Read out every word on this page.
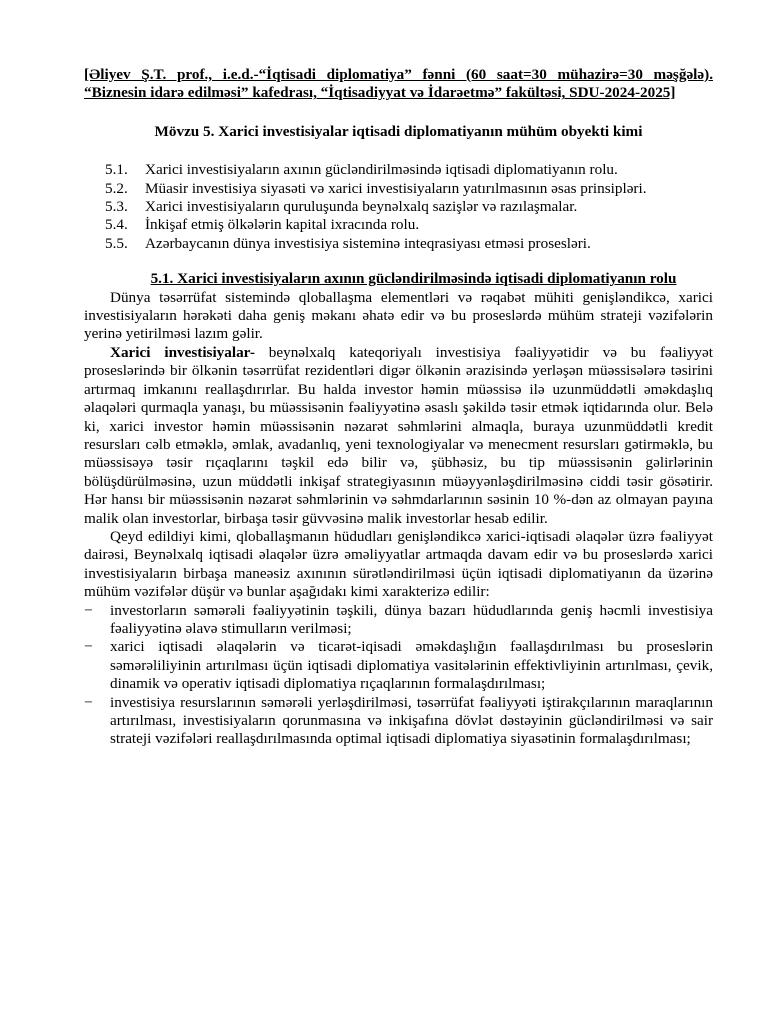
[Əliyev Ş.T. prof., i.e.d.-“İqtisadi diplomatiya” fənni (60 saat=30 mühazirə=30 məşğələ). “Biznesin idarə edilməsi” kafedrası, “İqtisadiyyat və İdarəetmə” fakültəsi, SDU-2024-2025]

Mövzu 5. Xarici investisiyalar iqtisadi diplomatiyanın mühüm obyekti kimi

5.1.	Xarici investisiyaların axının gücləndirilməsində iqtisadi diplomatiyanın rolu.
5.2.	Müasir investisiya siyasəti və xarici investisiyaların yatırılmasının əsas prinsipləri.
5.3.	Xarici investisiyaların quruluşunda beynəlxalq sazişlər və razılaşmalar.
5.4.	İnkişaf etmiş ölkələrin kapital ixracında rolu.
5.5.	Azərbaycanın dünya investisiya sisteminə inteqrasiyası etməsi prosesləri.

5.1. Xarici investisiyaların axının gücləndirilməsində iqtisadi diplomatiyanın rolu

Dünya təsərrüfat sistemində qloballaşma elementləri və rəqabət mühiti genişləndikcə, xarici investisiyaların hərəkəti daha geniş məkanı əhatə edir və bu proseslərdə mühüm strateji vəzifələrin yerinə yetirilməsi lazım gəlir.

Xarici investisiyalar- beynəlxalq kateqoriyalı investisiya fəaliyyətidir və bu fəaliyyət proseslərində bir ölkənin təsərrüfat rezidentləri digər ölkənin ərazisində yerləşən müəssisələrə təsirini artırmaq imkanını reallaşdırırlar. Bu halda investor həmin müəssisə ilə uzunmüddətli əməkdaşlıq əlaqələri qurmaqla yanaşı, bu müəssisənin fəaliyyətinə əsaslı şəkildə təsir etmək iqtidarında olur. Belə ki, xarici investor həmin müəssisənin nəzarət səhmlərini almaqla, buraya uzunmüddətli kredit resursları cəlb etməklə, əmlak, avadanlıq, yeni texnologiyalar və menecment resursları gətirməklə, bu müəssisəyə təsir rıçaqlarını təşkil edə bilir və, şübhəsiz, bu tip müəssisənin gəlirlərinin bölüşdürülməsinə, uzun müddətli inkişaf strategiyasının müəyyənləşdirilməsinə ciddi təsir gösətirir. Hər hansı bir müəssisənin nəzarət səhmlərinin və səhmdarlarının səsinin 10 %-dən az olmayan payına malik olan investorlar, birbaşa təsir güvvəsinə malik investorlar hesab edilir.

Qeyd edildiyi kimi, qloballaşmanın hüdudları genişləndikcə xarici-iqtisadi əlaqələr üzrə fəaliyyət dairəsi, Beynəlxalq iqtisadi əlaqələr üzrə əməliyyatlar artmaqda davam edir və bu proseslərdə xarici investisiyaların birbaşa maneəsiz axınının sürətləndirilməsi üçün iqtisadi diplomatiyanın da üzərinə mühüm vəzifələr düşür və bunlar aşağıdakı kimi xarakterizə edilir:

− investorların səmərəli fəaliyyətinin təşkili, dünya bazarı hüdudlarında geniş həcmli investisiya fəaliyyətinə əlavə stimulların verilməsi;
− xarici iqtisadi əlaqələrin və ticarət-iqisadi əməkdaşlığın fəallaşdırılması bu proseslərin səmərəliliyinin artırılması üçün iqtisadi diplomatiya vasitələrinin effektivliyinin artırılması, çevik, dinamik və operativ iqtisadi diplomatiya rıçaqlarının formalaşdırılması;
− investisiya resurslarının səmərəli yerləşdirilməsi, təsərrüfat fəaliyyəti iştirakçılarının maraqlarının artırılması, investisiyaların qorunmasına və inkişafına dövlət dəstəyinin gücləndirilməsi və sair strateji vəzifələri reallaşdırılmasında optimal iqtisadi diplomatiya siyasətinin formalaşdırılması;
